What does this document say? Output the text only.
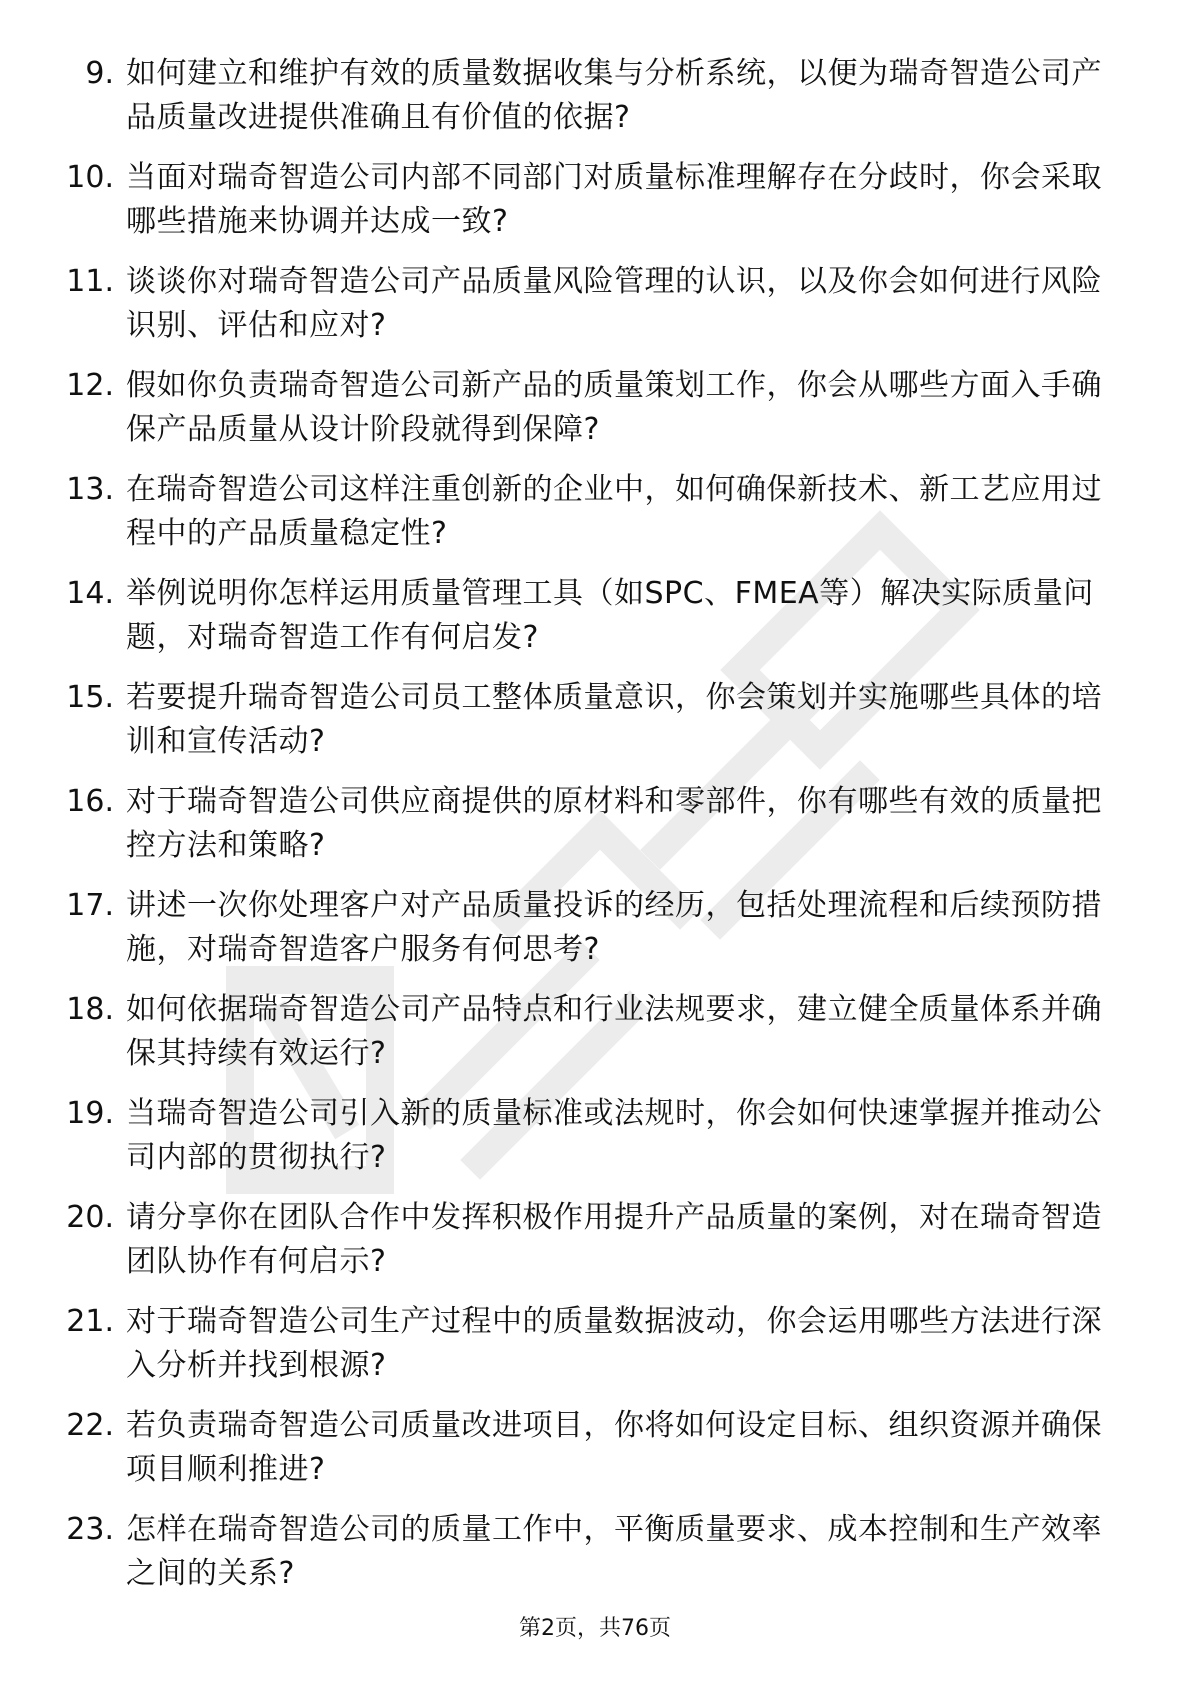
9. 如何建立和维护有效的质量数据收集与分析系统，以便为瑞奇智造公司产品质量改进提供准确且有价值的依据?
10. 当面对瑞奇智造公司内部不同部门对质量标准理解存在分歧时，你会采取哪些措施来协调并达成一致?
11. 谈谈你对瑞奇智造公司产品质量风险管理的认识，以及你会如何进行风险识别、评估和应对?
12. 假如你负责瑞奇智造公司新产品的质量策划工作，你会从哪些方面入手确保产品质量从设计阶段就得到保障?
13. 在瑞奇智造公司这样注重创新的企业中，如何确保新技术、新工艺应用过程中的产品质量稳定性?
14. 举例说明你怎样运用质量管理工具（如SPC、FMEA等）解决实际质量问题，对瑞奇智造工作有何启发?
15. 若要提升瑞奇智造公司员工整体质量意识，你会策划并实施哪些具体的培训和宣传活动?
16. 对于瑞奇智造公司供应商提供的原材料和零部件，你有哪些有效的质量把控方法和策略?
17. 讲述一次你处理客户对产品质量投诉的经历，包括处理流程和后续预防措施，对瑞奇智造客户服务有何思考?
18. 如何依据瑞奇智造公司产品特点和行业法规要求，建立健全质量体系并确保其持续有效运行?
19. 当瑞奇智造公司引入新的质量标准或法规时，你会如何快速掌握并推动公司内部的贯彻执行?
20. 请分享你在团队合作中发挥积极作用提升产品质量的案例，对在瑞奇智造团队协作有何启示?
21. 对于瑞奇智造公司生产过程中的质量数据波动，你会运用哪些方法进行深入分析并找到根源?
22. 若负责瑞奇智造公司质量改进项目，你将如何设定目标、组织资源并确保项目顺利推进?
23. 怎样在瑞奇智造公司的质量工作中，平衡质量要求、成本控制和生产效率之间的关系?
第2页，共76页
